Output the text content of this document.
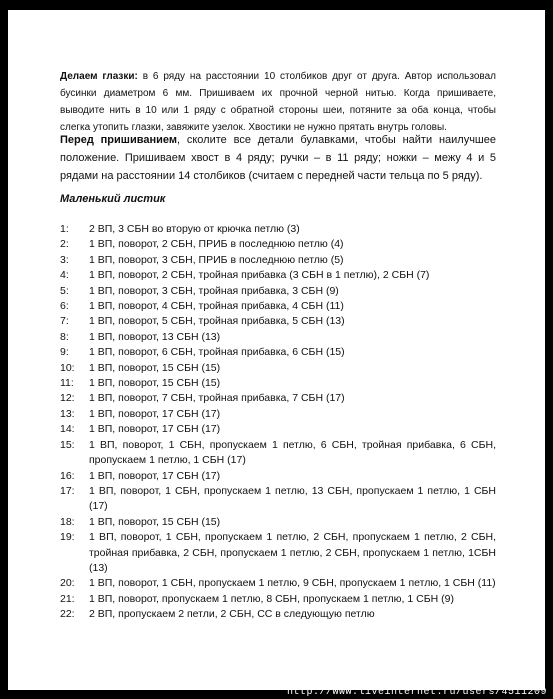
Делаем глазки: в 6 ряду на расстоянии 10 столбиков друг от друга. Автор использовал бусинки диаметром 6 мм. Пришиваем их прочной черной нитью. Когда пришиваете, выводите нить в 10 или 1 ряду с обратной стороны шеи, потяните за оба конца, чтобы слегка утопить глазки, завяжите узелок. Хвостики не нужно прятать внутрь головы.
Перед пришиванием, сколите все детали булавками, чтобы найти наилучшее положение. Пришиваем хвост в 4 ряду; ручки – в 11 ряду; ножки – межу 4 и 5 рядами на расстоянии 14 столбиков (считаем с передней части тельца по 5 ряду).
Маленький листик
1:	2 ВП, 3 СБН во вторую от крючка петлю (3)
2:	1 ВП, поворот, 2 СБН, ПРИБ в последнюю петлю (4)
3:	1 ВП, поворот, 3 СБН, ПРИБ в последнюю петлю (5)
4:	1 ВП, поворот, 2 СБН, тройная прибавка (3 СБН в 1 петлю), 2 СБН (7)
5:	1 ВП, поворот, 3 СБН, тройная прибавка, 3 СБН (9)
6:	1 ВП, поворот, 4 СБН, тройная прибавка, 4 СБН (11)
7:	1 ВП, поворот, 5 СБН, тройная прибавка, 5 СБН (13)
8:	1 ВП, поворот, 13 СБН (13)
9:	1 ВП, поворот, 6 СБН, тройная прибавка, 6 СБН (15)
10:	1 ВП, поворот, 15 СБН (15)
11:	1 ВП, поворот, 15 СБН (15)
12:	1 ВП, поворот, 7 СБН, тройная прибавка, 7 СБН (17)
13:	1 ВП, поворот, 17 СБН (17)
14:	1 ВП, поворот, 17 СБН (17)
15:	1 ВП, поворот, 1 СБН, пропускаем 1 петлю, 6 СБН, тройная прибавка, 6 СБН, пропускаем 1 петлю, 1 СБН (17)
16:	1 ВП, поворот, 17 СБН (17)
17:	1 ВП, поворот, 1 СБН, пропускаем 1 петлю, 13 СБН, пропускаем 1 петлю, 1 СБН (17)
18:	1 ВП, поворот, 15 СБН (15)
19:	1 ВП, поворот, 1 СБН, пропускаем 1 петлю, 2 СБН, пропускаем 1 петлю, 2 СБН, тройная прибавка, 2 СБН, пропускаем 1 петлю, 2 СБН, пропускаем 1 петлю, 1СБН (13)
20:	1 ВП, поворот, 1 СБН, пропускаем 1 петлю, 9 СБН, пропускаем 1 петлю, 1 СБН (11)
21:	1 ВП, поворот, пропускаем 1 петлю, 8 СБН, пропускаем 1 петлю, 1 СБН (9)
22:	2 ВП, пропускаем 2 петли, 2 СБН, СС в следующую петлю
http://www.liveinternet.ru/users/4511209
